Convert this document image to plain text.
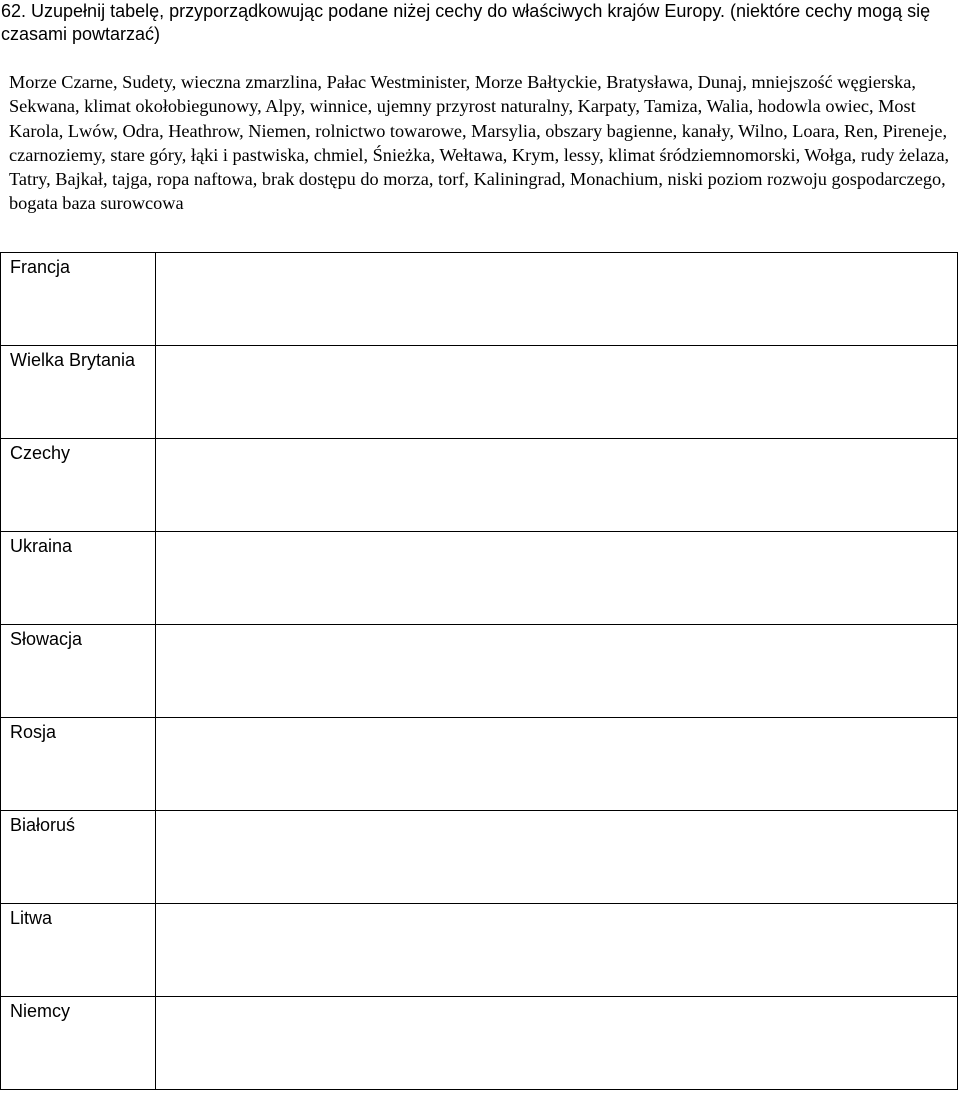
62. Uzupełnij tabelę, przyporządkowując podane niżej cechy do właściwych krajów Europy. (niektóre cechy mogą się czasami powtarzać)

Morze Czarne, Sudety, wieczna zmarzlina, Pałac Westminister, Morze Bałtyckie, Bratysława, Dunaj, mniejszość węgierska, Sekwana, klimat okołobiegunowy, Alpy, winnice, ujemny przyrost naturalny, Karpaty, Tamiza, Walia, hodowla owiec, Most Karola, Lwów, Odra, Heathrow, Niemen, rolnictwo towarowe, Marsylia, obszary bagienne, kanały, Wilno, Loara, Ren, Pireneje, czarnoziemy, stare góry, łąki i pastwiska, chmiel, Śnieżka, Wełtawa, Krym, lessy, klimat śródziemnomorski, Wołga, rudy żelaza, Tatry, Bajkał, tajga, ropa naftowa, brak dostępu do morza, torf, Kaliningrad, Monachium, niski poziom rozwoju gospodarczego, bogata baza surowcowa

Francja	
Wielka Brytania	
Czechy	
Ukraina	
Słowacja	
Rosja	
Białoruś	
Litwa	
Niemcy	
